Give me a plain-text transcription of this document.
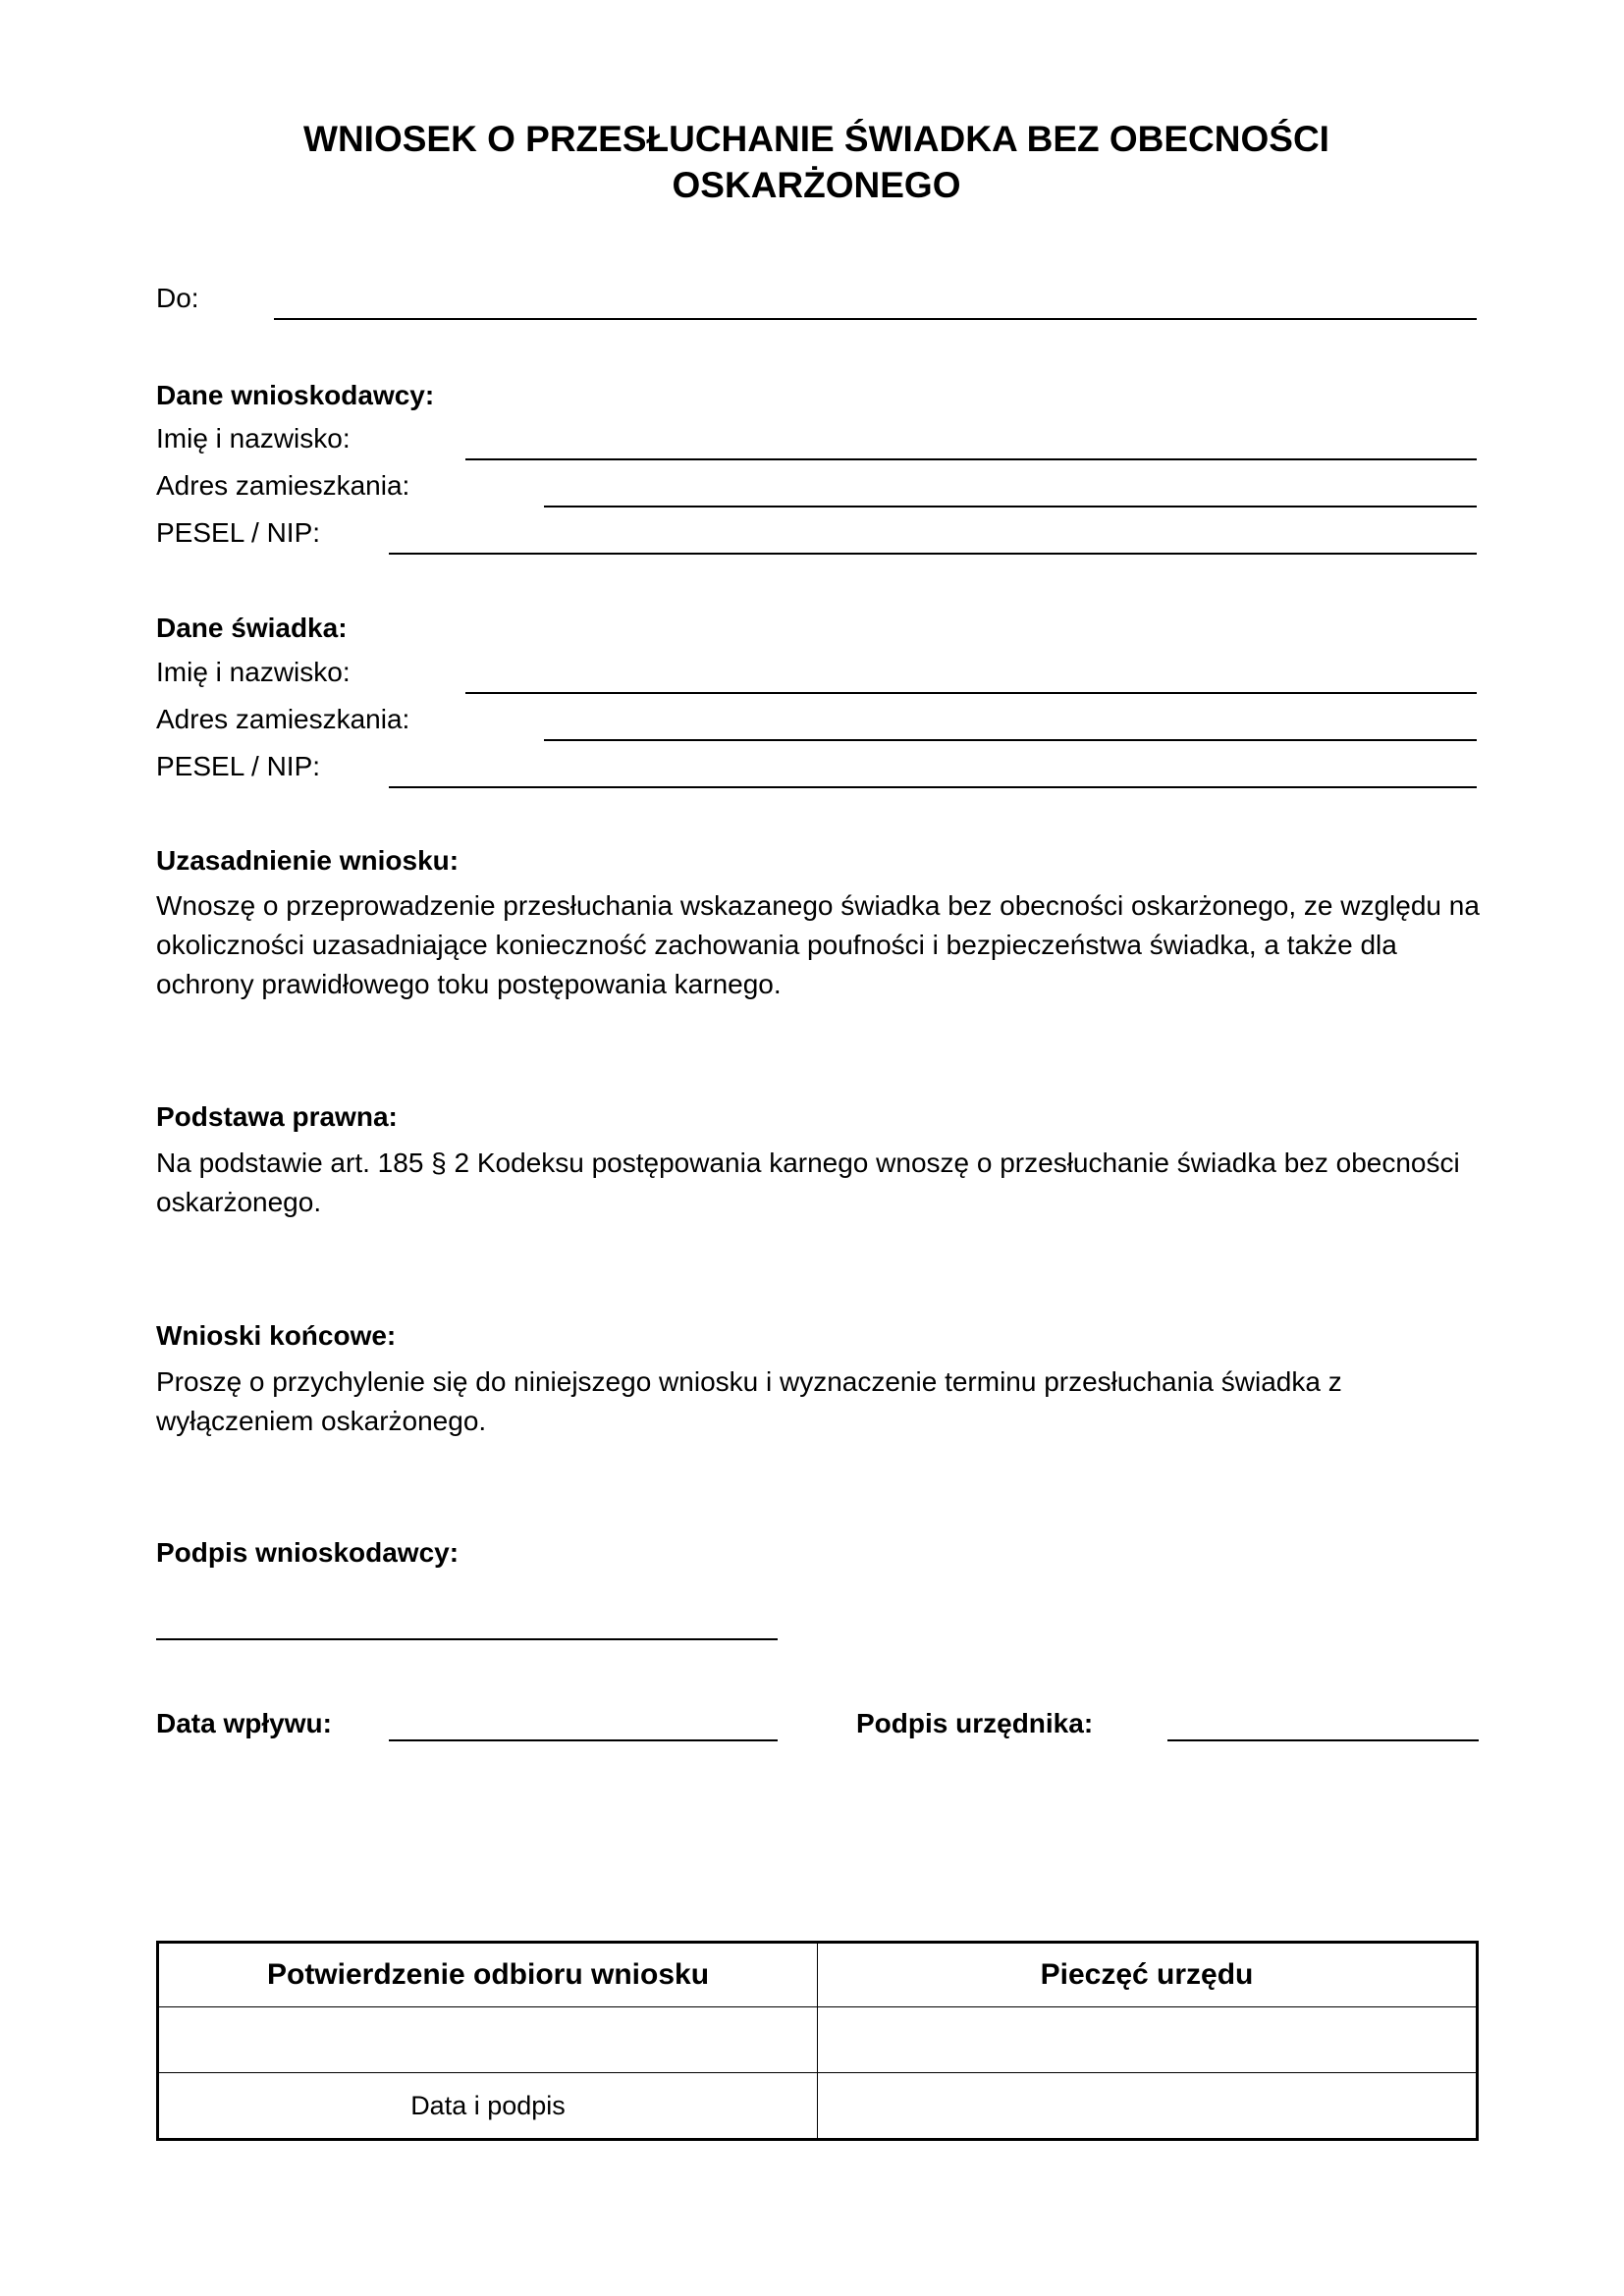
WNIOSEK O PRZESŁUCHANIE ŚWIADKA BEZ OBECNOŚCI
OSKARŻONEGO
Do:
Dane wnioskodawcy:
Imię i nazwisko:
Adres zamieszkania:
PESEL / NIP:
Dane świadka:
Imię i nazwisko:
Adres zamieszkania:
PESEL / NIP:
Uzasadnienie wniosku:
Wnoszę o przeprowadzenie przesłuchania wskazanego świadka bez obecności oskarżonego, ze względu na okoliczności uzasadniające konieczność zachowania poufności i bezpieczeństwa świadka, a także dla ochrony prawidłowego toku postępowania karnego.
Podstawa prawna:
Na podstawie art. 185 § 2 Kodeksu postępowania karnego wnoszę o przesłuchanie świadka bez obecności oskarżonego.
Wnioski końcowe:
Proszę o przychylenie się do niniejszego wniosku i wyznaczenie terminu przesłuchania świadka z wyłączeniem oskarżonego.
Podpis wnioskodawcy:
Data wpływu:	Podpis urzędnika:
Potwierdzenie odbioru wniosku	Pieczęć urzędu

Data i podpis	
